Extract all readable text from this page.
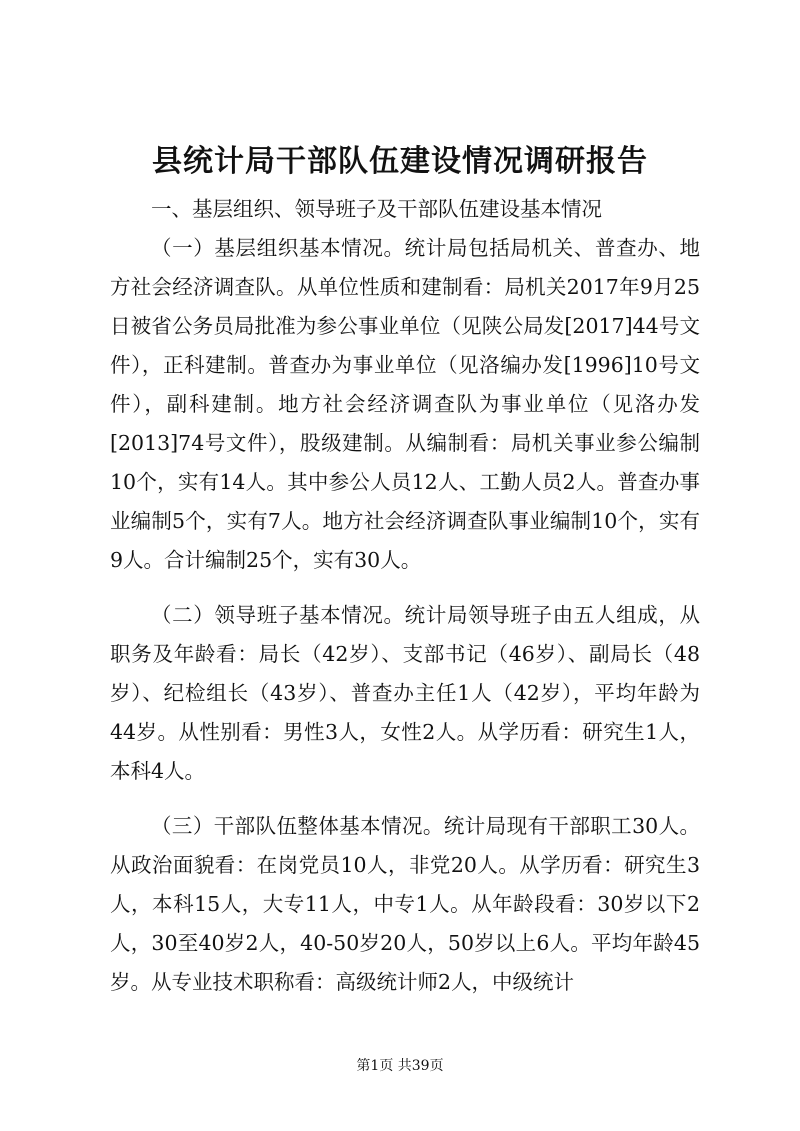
县统计局干部队伍建设情况调研报告

一、基层组织、领导班子及干部队伍建设基本情况

（一）基层组织基本情况。统计局包括局机关、普查办、地方社会经济调查队。从单位性质和建制看：局机关2017年9月25日被省公务员局批准为参公事业单位（见陕公局发[2017]44号文件），正科建制。普查办为事业单位（见洛编办发[1996]10号文件），副科建制。地方社会经济调查队为事业单位（见洛办发[2013]74号文件），股级建制。从编制看：局机关事业参公编制10个，实有14人。其中参公人员12人、工勤人员2人。普查办事业编制5个，实有7人。地方社会经济调查队事业编制10个，实有9人。合计编制25个，实有30人。

（二）领导班子基本情况。统计局领导班子由五人组成，从职务及年龄看：局长（42岁）、支部书记（46岁）、副局长（48岁）、纪检组长（43岁）、普查办主任1人（42岁），平均年龄为44岁。从性别看：男性3人，女性2人。从学历看：研究生1人，本科4人。

（三）干部队伍整体基本情况。统计局现有干部职工30人。从政治面貌看：在岗党员10人，非党20人。从学历看：研究生3人，本科15人，大专11人，中专1人。从年龄段看：30岁以下2人，30至40岁2人，40-50岁20人，50岁以上6人。平均年龄45岁。从专业技术职称看：高级统计师2人，中级统计

第1页 共39页
